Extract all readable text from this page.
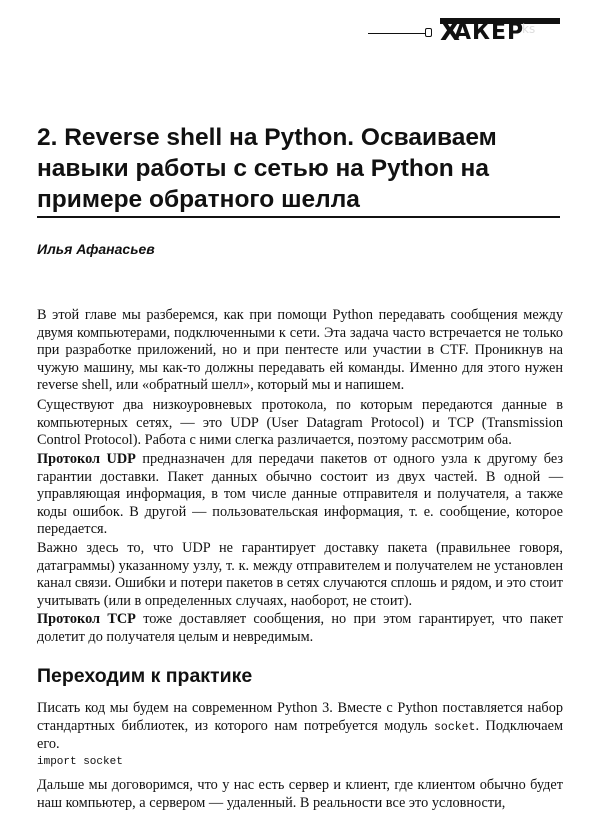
X
АКЕР
ks
2. Reverse shell на Python. Осваиваем навыки работы с сетью на Python на примере обратного шелла

Илья Афанасьев

В этой главе мы разберемся, как при помощи Python передавать сообщения между двумя компьютерами, подключенными к сети. Эта задача часто встречается не только при разработке приложений, но и при пентесте или участии в CTF. Проникнув на чужую машину, мы как-то должны передавать ей команды. Именно для этого нужен reverse shell, или «обратный шелл», который мы и напишем.

Существуют два низкоуровневых протокола, по которым передаются данные в компьютерных сетях, — это UDP (User Datagram Protocol) и TCP (Transmission Control Protocol). Работа с ними слегка различается, поэтому рассмотрим оба.

Протокол UDP предназначен для передачи пакетов от одного узла к другому без гарантии доставки. Пакет данных обычно состоит из двух частей. В одной — управляющая информация, в том числе данные отправителя и получателя, а также коды ошибок. В другой — пользовательская информация, т. е. сообщение, которое передается.

Важно здесь то, что UDP не гарантирует доставку пакета (правильнее говоря, датаграммы) указанному узлу, т. к. между отправителем и получателем не установлен канал связи. Ошибки и потери пакетов в сетях случаются сплошь и рядом, и это стоит учитывать (или в определенных случаях, наоборот, не стоит).

Протокол TCP тоже доставляет сообщения, но при этом гарантирует, что пакет долетит до получателя целым и невредимым.

Переходим к практике

Писать код мы будем на современном Python 3. Вместе с Python поставляется набор стандартных библиотек, из которого нам потребуется модуль socket. Подключаем его.

import socket

Дальше мы договоримся, что у нас есть сервер и клиент, где клиентом обычно будет наш компьютер, а сервером — удаленный. В реальности все это условности,
